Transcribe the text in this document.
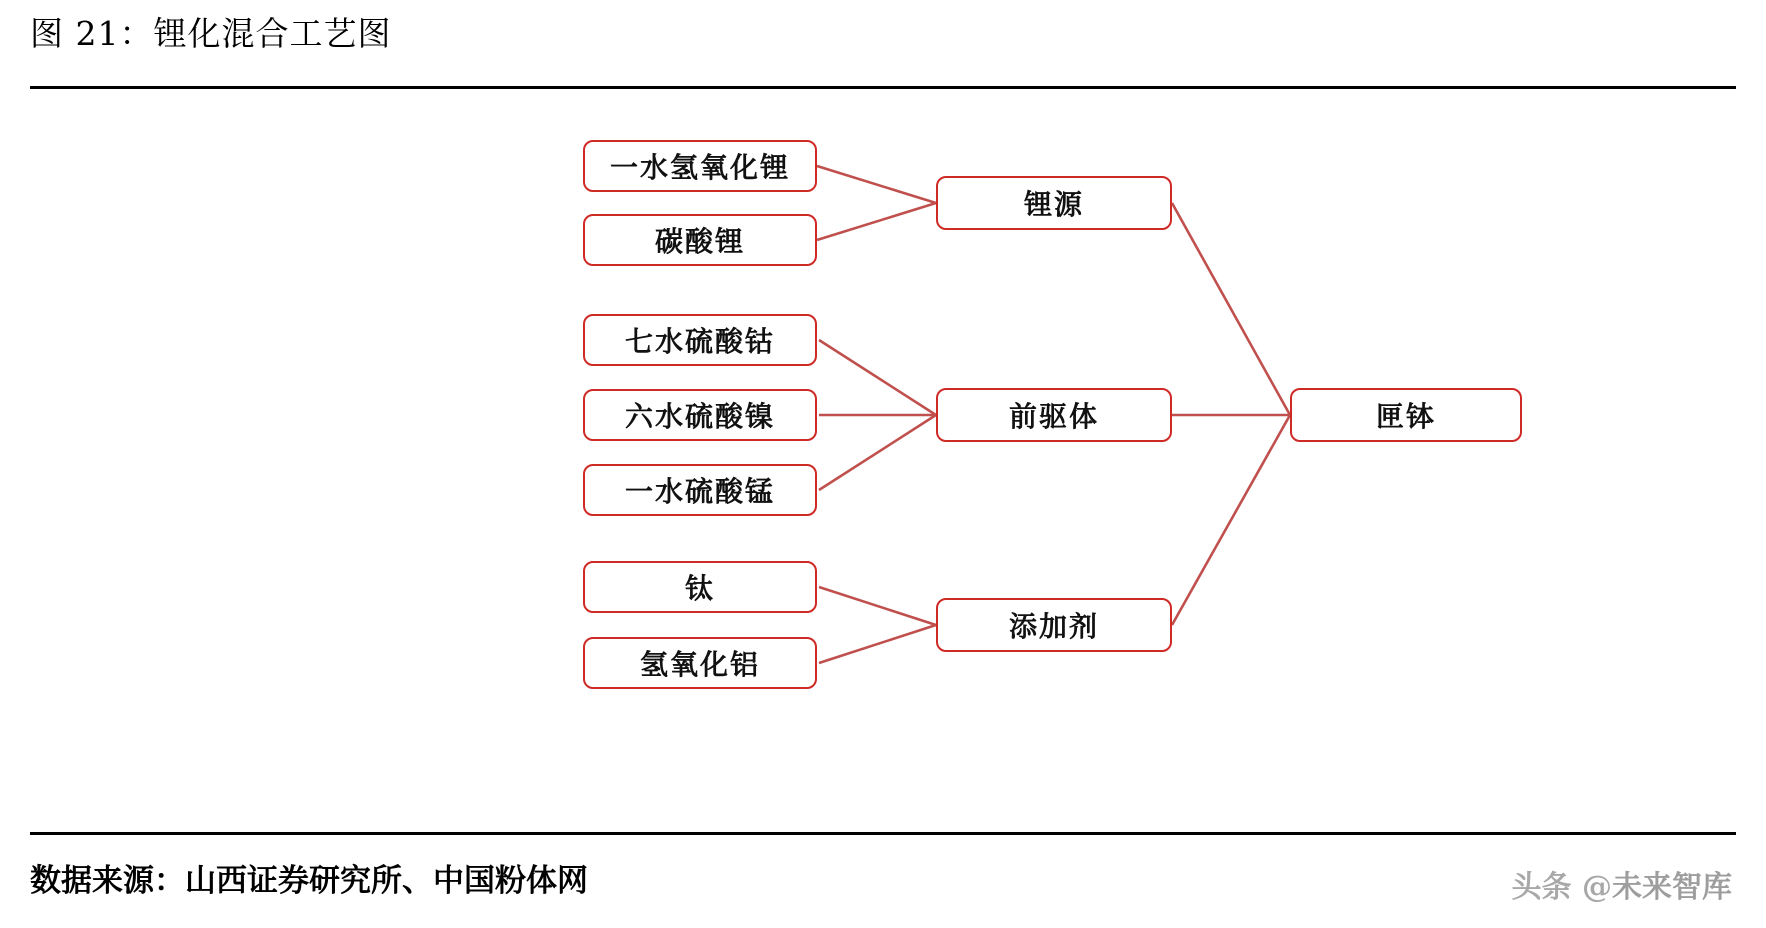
图 21：锂化混合工艺图
一水氢氧化锂
碳酸锂
七水硫酸钴
六水硫酸镍
一水硫酸锰
钛
氢氧化铝
锂源
前驱体
添加剂
匣钵
数据来源：山西证券研究所、中国粉体网	头条 @未来智库
